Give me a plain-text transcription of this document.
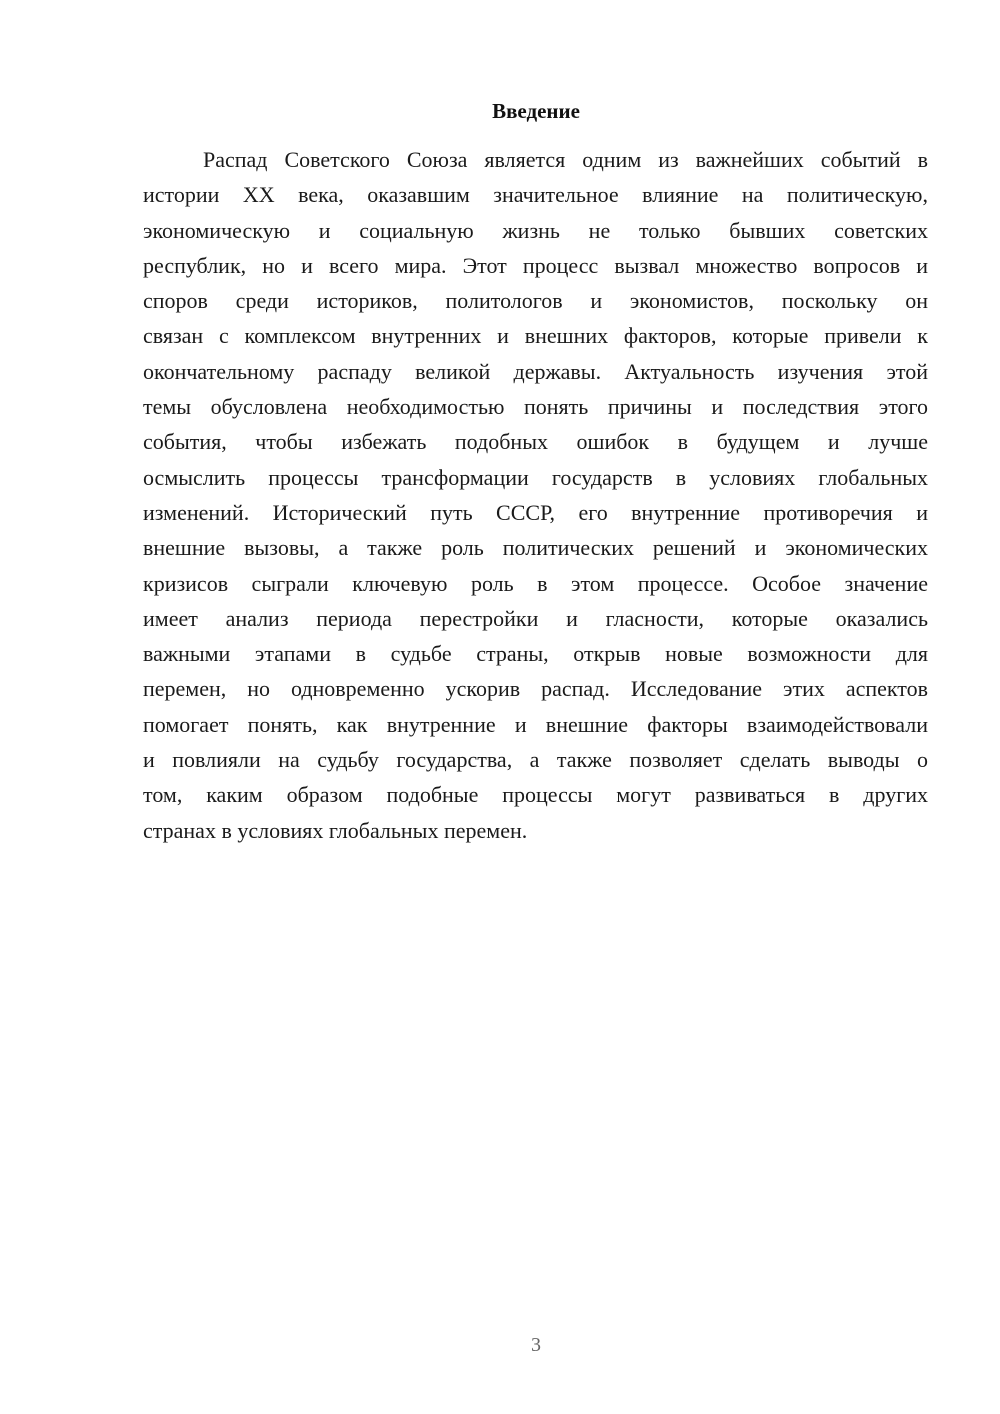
Введение
Распад Советского Союза является одним из важнейших событий в
истории XX века, оказавшим значительное влияние на политическую,
экономическую и социальную жизнь не только бывших советских
республик, но и всего мира. Этот процесс вызвал множество вопросов и
споров среди историков, политологов и экономистов, поскольку он
связан с комплексом внутренних и внешних факторов, которые привели к
окончательному распаду великой державы. Актуальность изучения этой
темы обусловлена необходимостью понять причины и последствия этого
события, чтобы избежать подобных ошибок в будущем и лучше
осмыслить процессы трансформации государств в условиях глобальных
изменений. Исторический путь СССР, его внутренние противоречия и
внешние вызовы, а также роль политических решений и экономических
кризисов сыграли ключевую роль в этом процессе. Особое значение
имеет анализ периода перестройки и гласности, которые оказались
важными этапами в судьбе страны, открыв новые возможности для
перемен, но одновременно ускорив распад. Исследование этих аспектов
помогает понять, как внутренние и внешние факторы взаимодействовали
и повлияли на судьбу государства, а также позволяет сделать выводы о
том, каким образом подобные процессы могут развиваться в других
странах в условиях глобальных перемен.
3
